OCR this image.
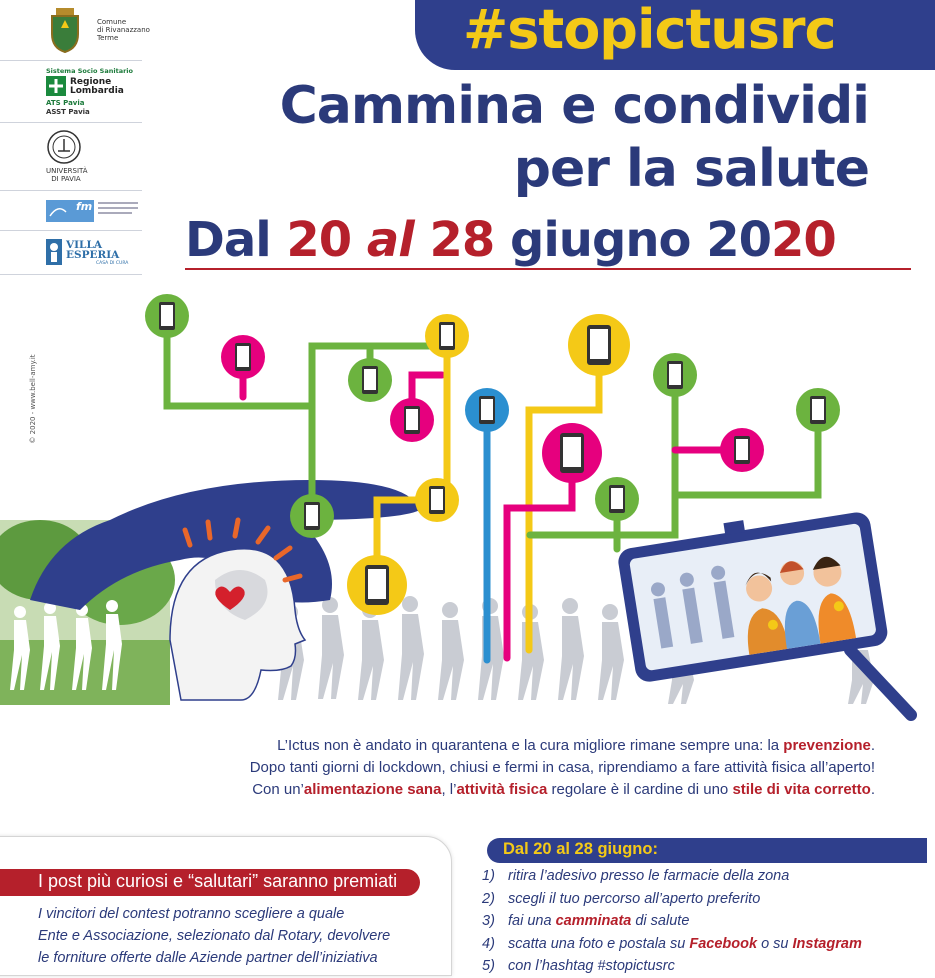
Comune
di Rivanazzano
Terme
Sistema Socio Sanitario
Regione
Lombardia
ATS Pavia
ASST Pavia
UNIVERSITÀ
DI PAVIA
fm
VILLA
ESPERIA
CASA DI CURA
© 2020 - www.bell-amy.it
#stopictusrc
Cammina e condividi
per la salute
Dal 20 al 28 giugno 2020

L’Ictus non è andato in quarantena e la cura migliore rimane sempre una: la prevenzione.

Dopo tanti giorni di lockdown, chiusi e fermi in casa, riprendiamo a fare attività fisica all’aperto!

Con un’alimentazione sana, l’attività fisica regolare è il cardine di uno stile di vita corretto.

I post più curiosi e “salutari” saranno premiati
I vincitori del contest potranno scegliere a quale
Ente e Associazione, selezionato dal Rotary, devolvere
le forniture offerte dalle Aziende partner dell’iniziativa
Dal 20 al 28 giugno:
1) ritira l’adesivo presso le farmacie della zona
2) scegli il tuo percorso all’aperto preferito
3) fai una camminata di salute
4) scatta una foto e postala su Facebook o su Instagram
5) con l’hashtag #stopictusrc
